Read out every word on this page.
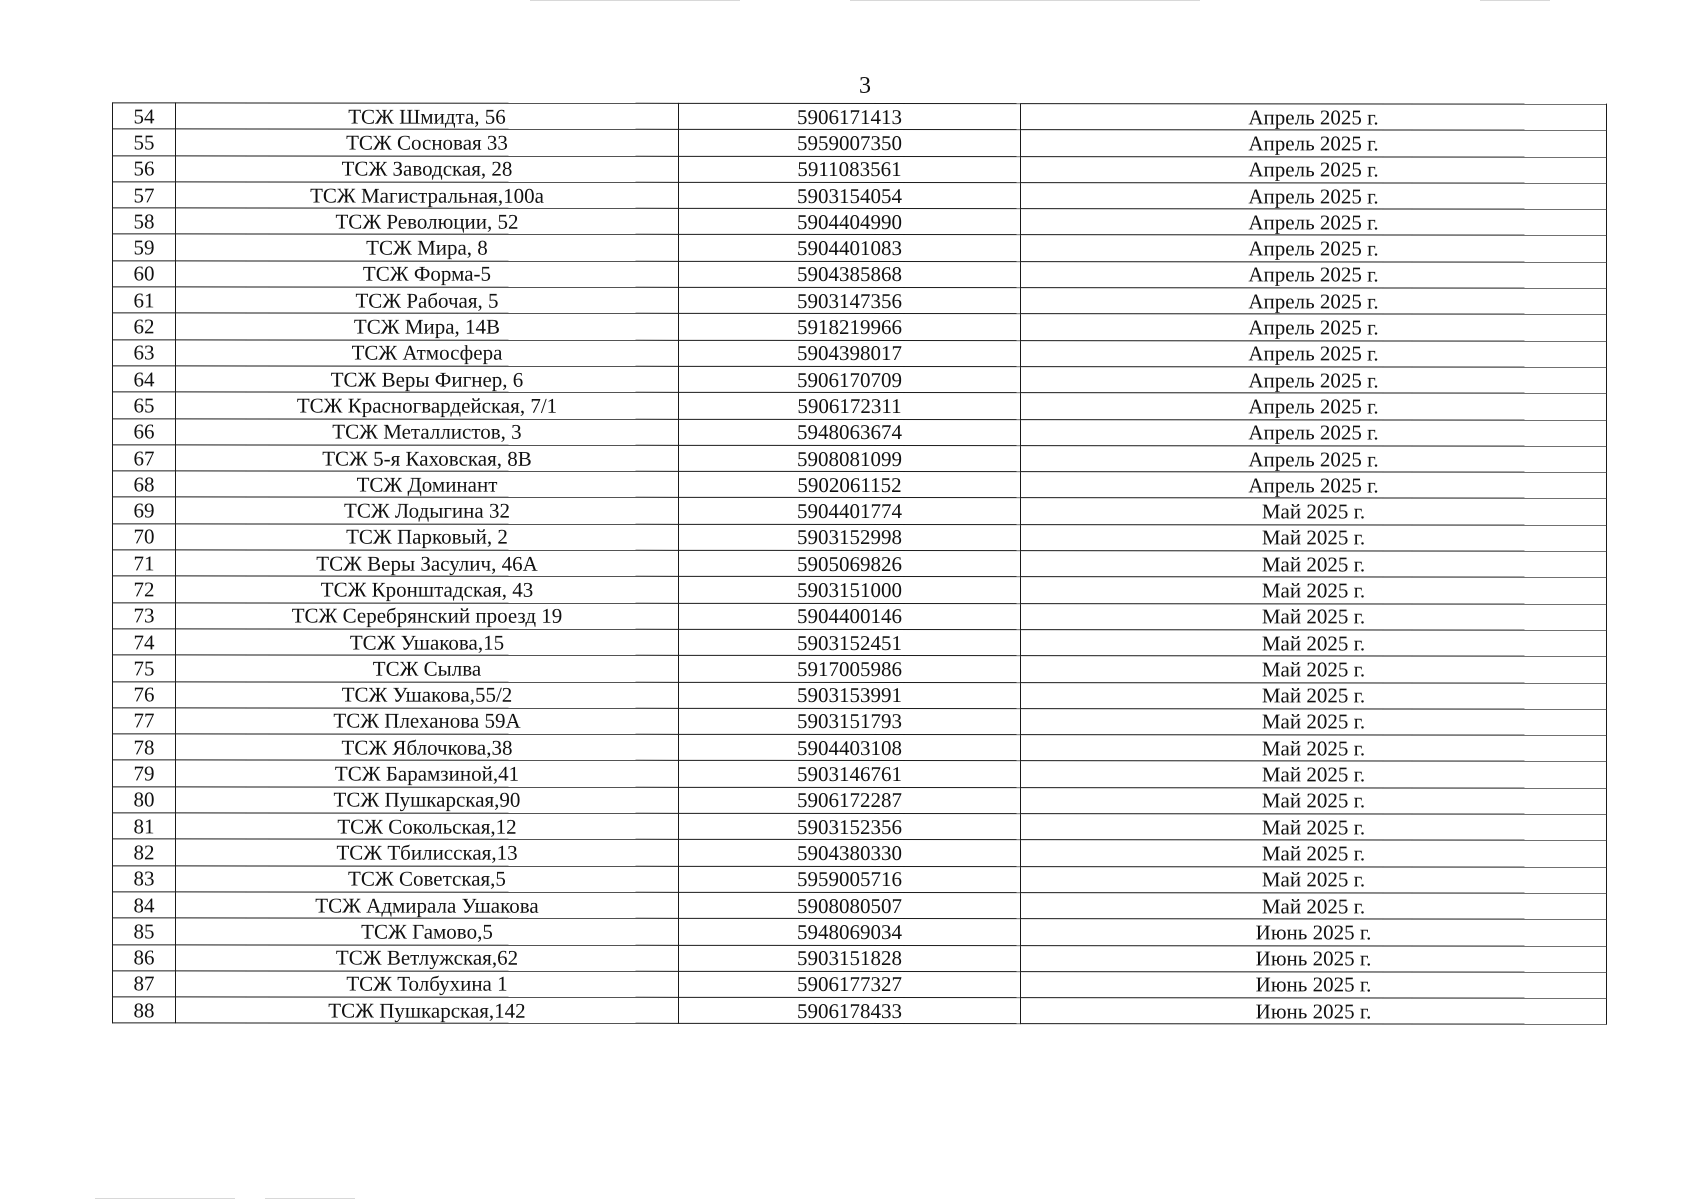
3
54	ТСЖ Шмидта, 56	5906171413	Апрель 2025 г.
55	ТСЖ Сосновая 33	5959007350	Апрель 2025 г.
56	ТСЖ Заводская, 28	5911083561	Апрель 2025 г.
57	ТСЖ Магистральная,100а	5903154054	Апрель 2025 г.
58	ТСЖ Революции, 52	5904404990	Апрель 2025 г.
59	ТСЖ Мира, 8	5904401083	Апрель 2025 г.
60	ТСЖ Форма-5	5904385868	Апрель 2025 г.
61	ТСЖ Рабочая, 5	5903147356	Апрель 2025 г.
62	ТСЖ Мира, 14В	5918219966	Апрель 2025 г.
63	ТСЖ Атмосфера	5904398017	Апрель 2025 г.
64	ТСЖ Веры Фигнер, 6	5906170709	Апрель 2025 г.
65	ТСЖ Красногвардейская, 7/1	5906172311	Апрель 2025 г.
66	ТСЖ Металлистов, 3	5948063674	Апрель 2025 г.
67	ТСЖ 5-я Каховская, 8В	5908081099	Апрель 2025 г.
68	ТСЖ Доминант	5902061152	Апрель 2025 г.
69	ТСЖ Лодыгина 32	5904401774	Май 2025 г.
70	ТСЖ Парковый, 2	5903152998	Май 2025 г.
71	ТСЖ Веры Засулич, 46А	5905069826	Май 2025 г.
72	ТСЖ Кронштадская, 43	5903151000	Май 2025 г.
73	ТСЖ Серебрянский проезд 19	5904400146	Май 2025 г.
74	ТСЖ Ушакова,15	5903152451	Май 2025 г.
75	ТСЖ Сылва	5917005986	Май 2025 г.
76	ТСЖ Ушакова,55/2	5903153991	Май 2025 г.
77	ТСЖ Плеханова 59А	5903151793	Май 2025 г.
78	ТСЖ Яблочкова,38	5904403108	Май 2025 г.
79	ТСЖ Барамзиной,41	5903146761	Май 2025 г.
80	ТСЖ Пушкарская,90	5906172287	Май 2025 г.
81	ТСЖ Сокольская,12	5903152356	Май 2025 г.
82	ТСЖ Тбилисская,13	5904380330	Май 2025 г.
83	ТСЖ Советская,5	5959005716	Май 2025 г.
84	ТСЖ Адмирала Ушакова	5908080507	Май 2025 г.
85	ТСЖ Гамово,5	5948069034	Июнь 2025 г.
86	ТСЖ Ветлужская,62	5903151828	Июнь 2025 г.
87	ТСЖ Толбухина 1	5906177327	Июнь 2025 г.
88	ТСЖ Пушкарская,142	5906178433	Июнь 2025 г.
